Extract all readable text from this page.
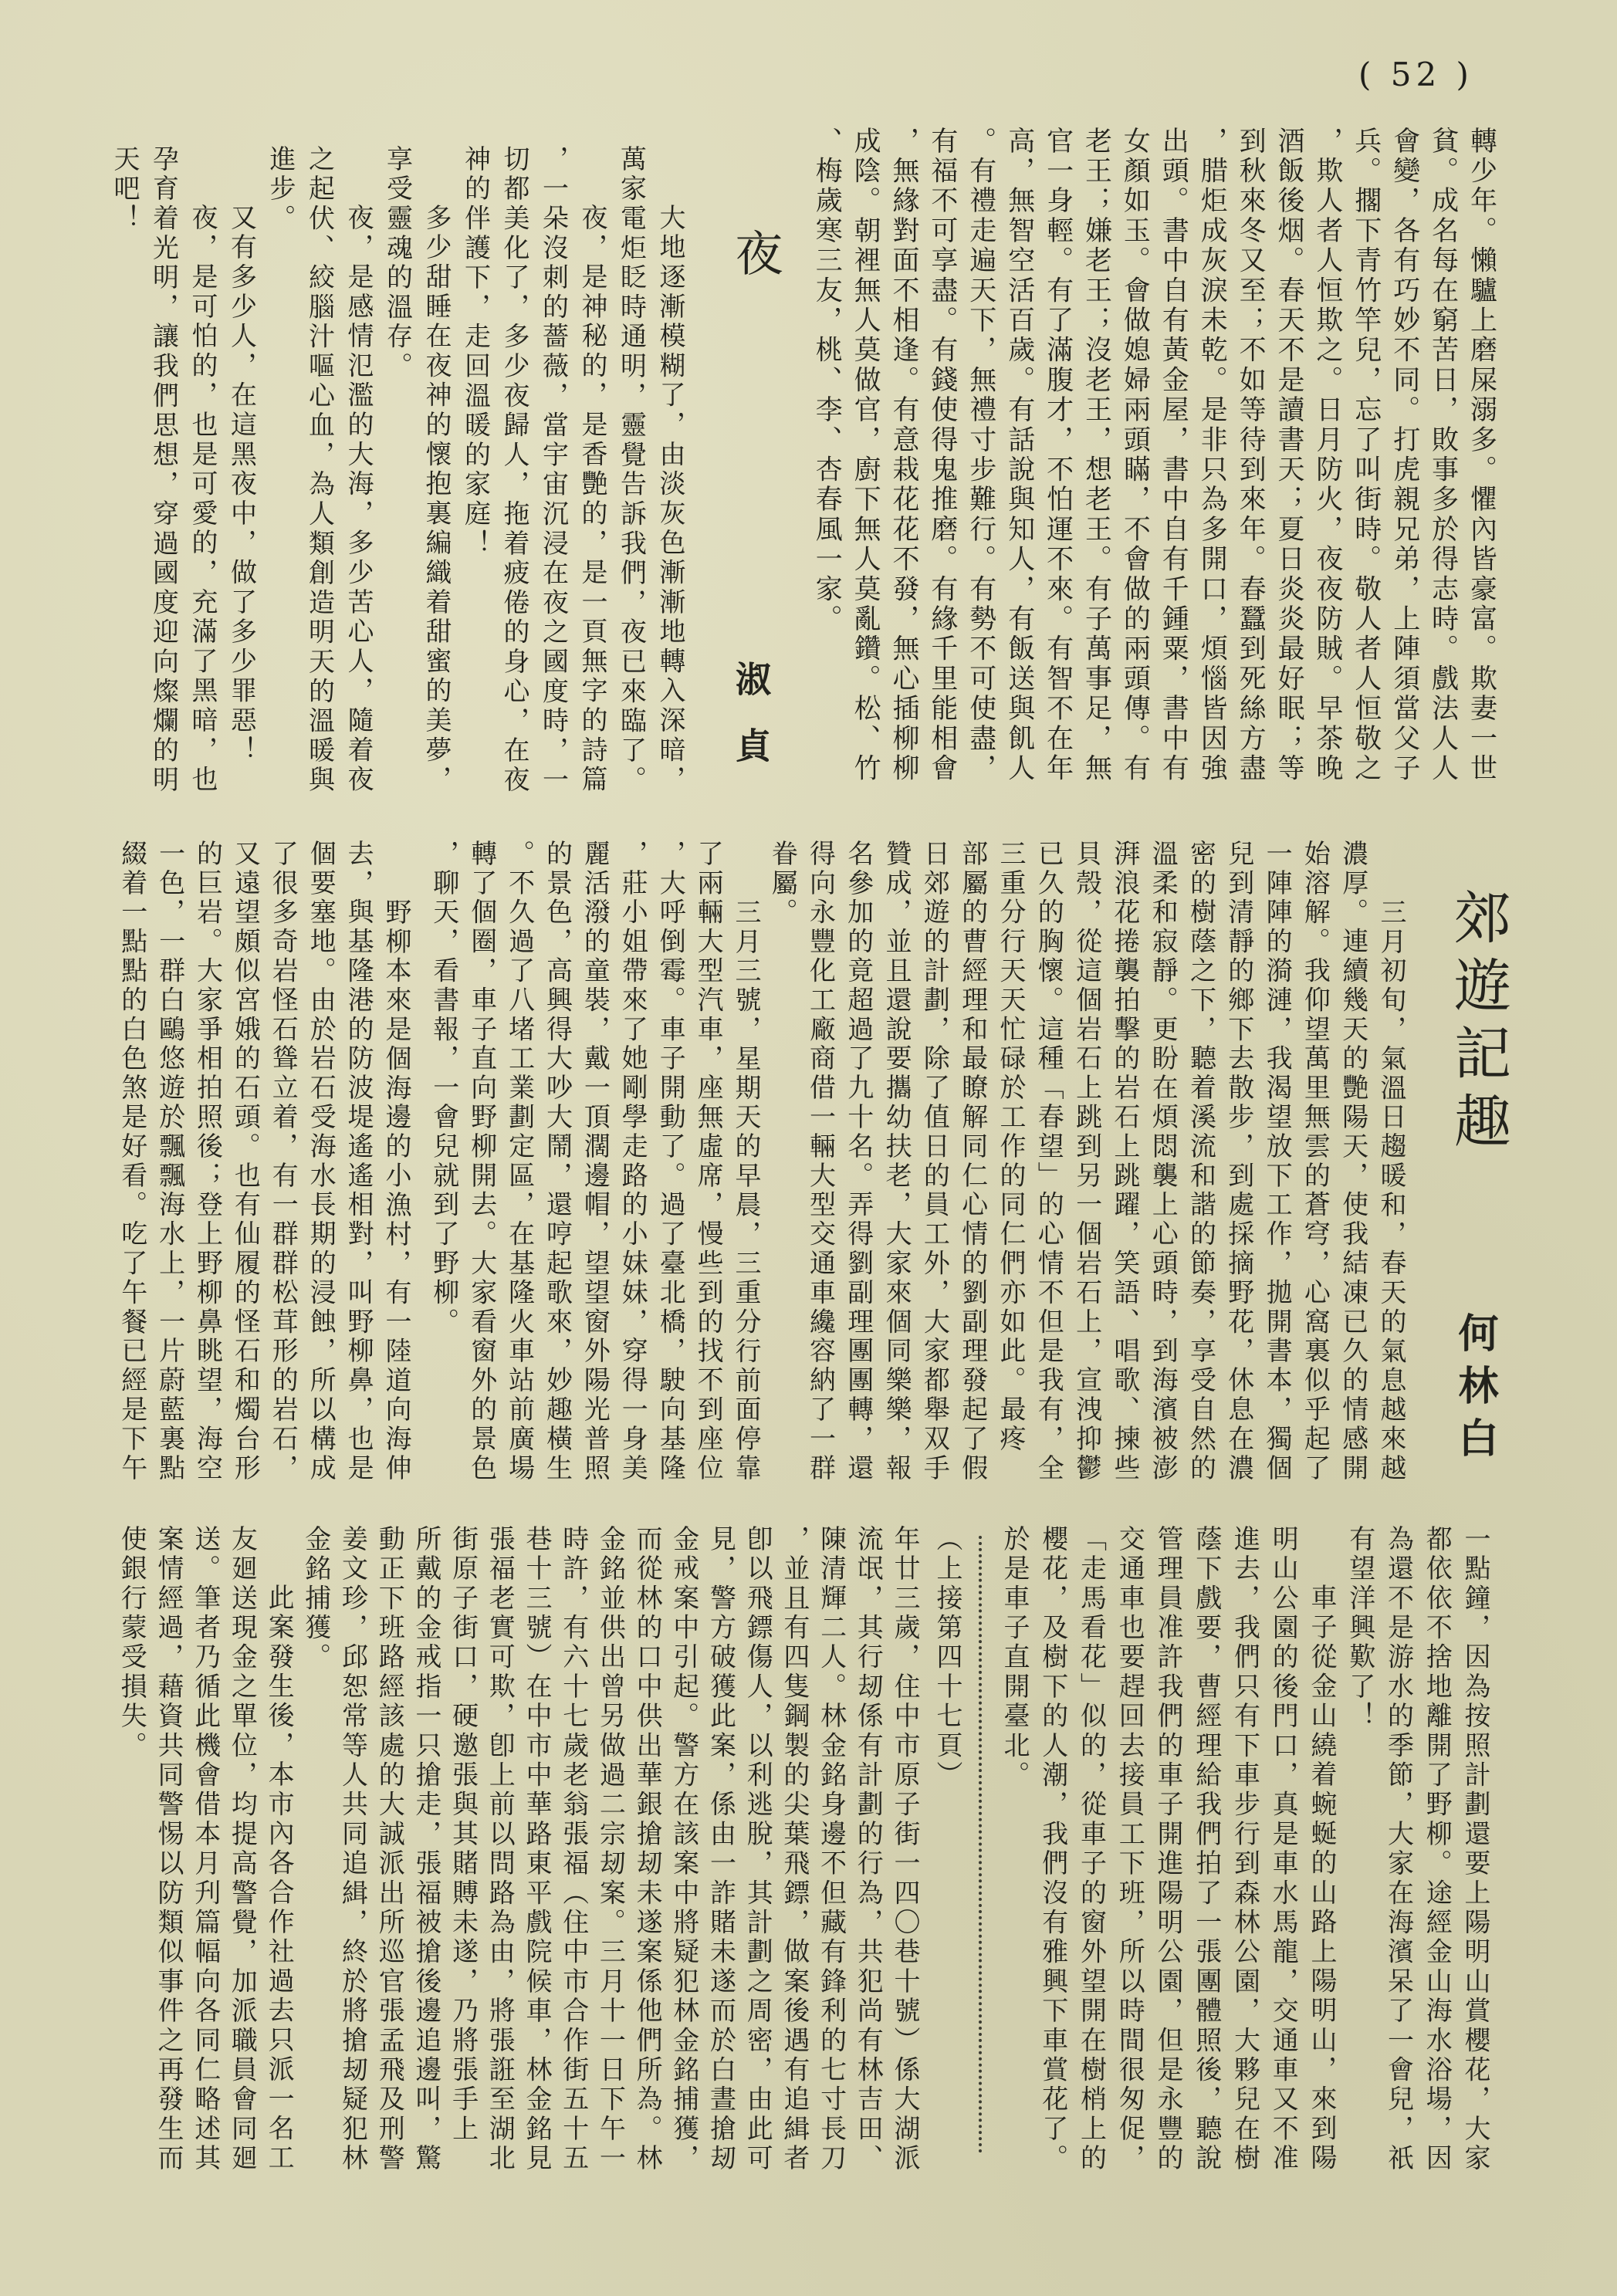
( 52 )
轉少年。懶驢上磨屎溺多。懼內皆豪富。欺妻一世
貧。成名每在窮苦日，敗事多於得志時。戲法人人
會變，各有巧妙不同。打虎親兄弟，上陣須當父子
兵。擱下青竹竿兒，忘了叫街時。敬人者人恒敬之
，欺人者人恒欺之。日月防火，夜夜防賊。早茶晚
酒飯後烟。春天不是讀書天；夏日炎炎最好眠；等
到秋來冬又至；不如等待到來年。春蠶到死絲方盡
，腊炬成灰淚未乾。是非只為多開口，煩惱皆因強
出頭。書中自有黃金屋，書中自有千鍾粟，書中有
女顏如玉。會做媳婦兩頭瞞，不會做的兩頭傳。有
老王；嫌老王；沒老王，想老王。有子萬事足，無
官一身輕。有了滿腹才，不怕運不來。有智不在年
高，無智空活百歲。有話說與知人，有飯送與飢人
。有禮走遍天下，無禮寸步難行。有勢不可使盡，
有福不可享盡。有錢使得鬼推磨。有緣千里能相會
，無緣對面不相逢。有意栽花花不發，無心插柳柳
成陰。朝裡無人莫做官，廚下無人莫亂鑽。松、竹
、梅歲寒三友，桃、李、杏春風一家。
夜
淑貞
大地逐漸模糊了，由淡灰色漸漸地轉入深暗，
萬家電炬眨時通明，靈覺告訴我們，夜已來臨了。
夜，是神秘的，是香艷的，是一頁無字的詩篇
，一朵沒刺的薔薇，當宇宙沉浸在夜之國度時，一
切都美化了，多少夜歸人，拖着疲倦的身心，在夜
神的伴護下，走回溫暖的家庭！
多少甜睡在夜神的懷抱裏編織着甜蜜的美夢，
享受靈魂的溫存。
夜，是感情氾濫的大海，多少苦心人，隨着夜
之起伏、絞腦汁嘔心血，為人類創造明天的溫暖與
進步。
又有多少人，在這黑夜中，做了多少罪惡！
夜，是可怕的，也是可愛的，充滿了黑暗，也
孕育着光明，讓我們思想，穿過國度迎向燦爛的明
天吧！
郊遊記趣
何林白
三月初旬，氣溫日趨暖和，春天的氣息越來越
濃厚。連續幾天的艷陽天，使我結凍已久的情感開
始溶解。我仰望萬里無雲的蒼穹，心窩裏似乎起了
一陣陣的漪漣，我渴望放下工作，拋開書本，獨個
兒到清靜的鄉下去散步，到處採摘野花，休息在濃
密的樹蔭之下，聽着溪流和諧的節奏，享受自然的
溫柔和寂靜。更盼在煩悶襲上心頭時，到海濱被澎
湃浪花捲襲拍擊的岩石上跳躍，笑語、唱歌、揀些
貝殼，從這個岩石上跳到另一個岩石上，宣洩抑鬱
已久的胸懷。這種「春望」的心情不但是我有，全
三重分行天天忙碌於工作的同仁們亦如此。最疼
部屬的曹經理和最瞭解同仁心情的劉副理發起了假
日郊遊的計劃，除了值日的員工外，大家都舉双手
贊成，並且還說要攜幼扶老，大家來個同樂樂，報
名參加的竟超過了九十名。弄得劉副理團團轉，還
得向永豐化工廠商借一輛大型交通車纔容納了一群
眷屬。
三月三號，星期天的早晨，三重分行前面停靠
了兩輛大型汽車，座無虛席，慢些到的找不到座位
，大呼倒霉。車子開動了。過了臺北橋，駛向基隆
，莊小姐帶來了她剛學走路的小妹妹，穿得一身美
麗活潑的童裝，戴一頂濶邊帽，望望窗外陽光普照
的景色，高興得大吵大鬧，還哼起歌來，妙趣橫生
。不久過了八堵工業劃定區，在基隆火車站前廣場
轉了個圈，車子直向野柳開去。大家看窗外的景色
，聊天，看書報，一會兒就到了野柳。
野柳本來是個海邊的小漁村，有一陸道向海伸
去，與基隆港的防波堤遙遙相對，叫野柳鼻，也是
個要塞地。由於岩石受海水長期的浸蝕，所以構成
了很多奇岩怪石聳立着，有一群群松茸形的岩石，
又遠望頗似宮娥的石頭。也有仙履的怪石和燭台形
的巨岩。大家爭相拍照後；登上野柳鼻眺望，海空
一色，一群白鷗悠遊於飄飄海水上，一片蔚藍裏點
綴着一點點的白色煞是好看。吃了午餐已經是下午
一點鐘，因為按照計劃還要上陽明山賞櫻花，大家
都依依不捨地離開了野柳。途經金山海水浴場，因
為還不是游水的季節，大家在海濱呆了一會兒，祇
有望洋興歎了！
車子從金山繞着蜿蜒的山路上陽明山，來到陽
明山公園的後門口，真是車水馬龍，交通車又不准
進去，我們只有下車步行到森林公園，大夥兒在樹
蔭下戲要，曹經理給我們拍了一張團體照後，聽說
管理員准許我們的車子開進陽明公園，但是永豐的
交通車也要趕回去接員工下班，所以時間很匆促，
「走馬看花」似的，從車子的窗外望開在樹梢上的
櫻花，及樹下的人潮，我們沒有雅興下車賞花了。
於是車子直開臺北。
（上接第四十七頁）
年廿三歲，住中市原子街一四〇巷十號）係大湖派
流氓，其行刼係有計劃的行為，共犯尚有林吉田、
陳清輝二人。林金銘身邊不但藏有鋒利的七寸長刀
，並且有四隻鋼製的尖葉飛鏢，做案後遇有追緝者
卽以飛鏢傷人，以利逃脫，其計劃之周密，由此可
見，警方破獲此案，係由一詐賭未遂而於白晝搶刼
金戒案中引起。警方在該案中將疑犯林金銘捕獲，
而從林的口中供出華銀搶刼未遂案係他們所為。林
金銘並供出曾另做過二宗刼案。三月十一日下午一
時許，有六十七歲老翁張福（住中市合作街五十五
巷十三號）在中市中華路東平戲院候車，林金銘見
張福老實可欺，卽上前以問路為由，將張誑至湖北
街原子街口，硬邀張與其賭賻未遂，乃將張手上
所戴的金戒指一只搶走，張福被搶後邊追邊叫，驚
動正下班路經該處的大誠派出所巡官張孟飛及刑警
姜文珍，邱恕常等人共同追緝，終於將搶刼疑犯林
金銘捕獲。
此案發生後，本市內各合作社過去只派一名工
友廻送現金之單位，均提高警覺，加派職員會同廻
送。筆者乃循此機會借本月刋篇幅向各同仁略述其
案情經過，藉資共同警惕以防類似事件之再發生而
使銀行蒙受損失。
